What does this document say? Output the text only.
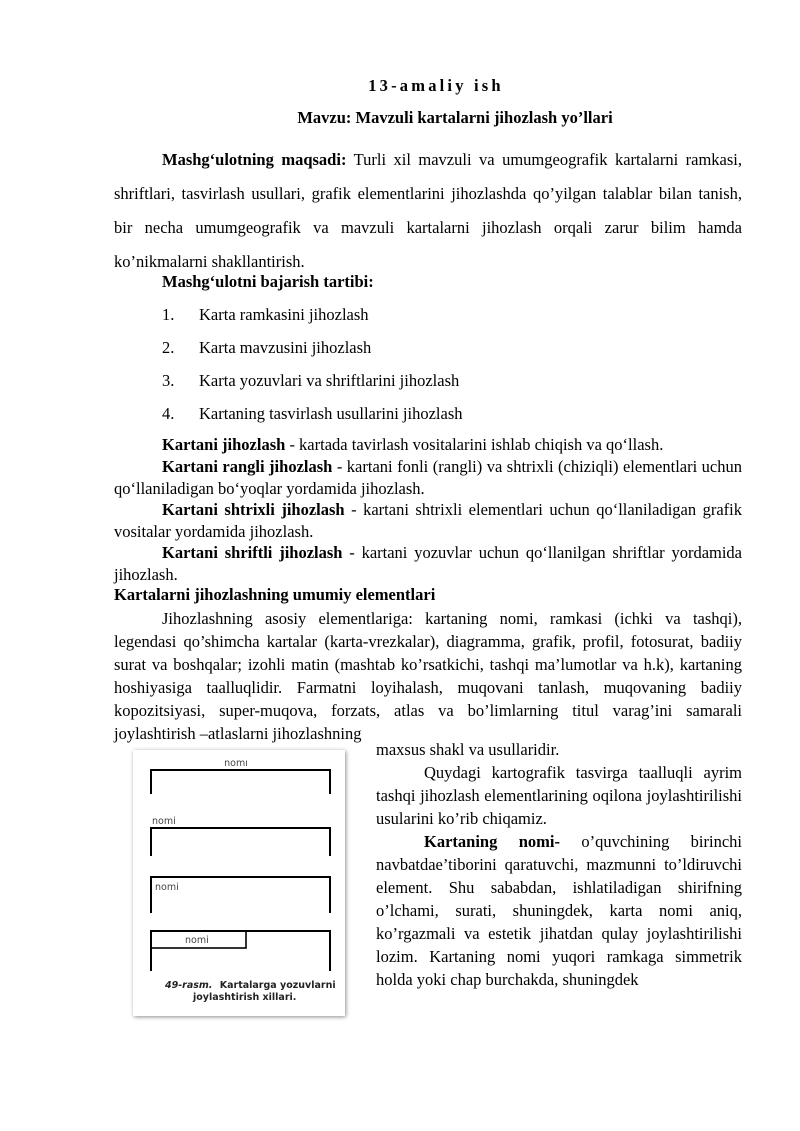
13-amaliy ish
Mavzu: Mavzuli kartalarni jihozlash yo’llari
Mashg‘ulotning maqsadi: Turli xil mavzuli va umumgeografik kartalarni ramkasi, shriftlari, tasvirlash usullari, grafik elementlarini jihozlashda qo’yilgan talablar bilan tanish, bir necha umumgeografik va mavzuli kartalarni jihozlash orqali zarur bilim hamda ko’nikmalarni shakllantirish.
Mashg‘ulotni bajarish tartibi:
1. Karta ramkasini jihozlash
2. Karta mavzusini jihozlash
3. Karta yozuvlari va shriftlarini jihozlash
4. Kartaning tasvirlash usullarini jihozlash
Kartani jihozlash - kartada tavirlash vositalarini ishlab chiqish va qo‘llash.
Kartani rangli jihozlash - kartani fonli (rangli) va shtrixli (chiziqli) elementlari uchun qo‘llaniladigan bo‘yoqlar yordamida jihozlash.
Kartani shtrixli jihozlash - kartani shtrixli elementlari uchun qo‘llaniladigan grafik vositalar yordamida jihozlash.
Kartani shriftli jihozlash - kartani yozuvlar uchun qo‘llanilgan shriftlar yordamida jihozlash.
Kartalarni jihozlashning umumiy elementlari
Jihozlashning asosiy elementlariga: kartaning nomi, ramkasi (ichki va tashqi), legendasi qo’shimcha kartalar (karta-vrezkalar), diagramma, grafik, profil, fotosurat, badiiy surat va boshqalar; izohli matin (mashtab ko’rsatkichi, tashqi ma’lumotlar va h.k), kartaning hoshiyasiga taalluqlidir. Farmatni loyihalash, muqovani tanlash, muqovaning badiiy kopozitsiyasi, super-muqova, forzats, atlas va bo’limlarning titul varag’ini samarali joylashtirish –atlaslarni jihozlashning
maxsus shakl va usullaridir.
Quydagi kartografik tasvirga taalluqli ayrim tashqi jihozlash elementlarining oqilona joylashtirilishi usularini ko’rib chiqamiz.
Kartaning nomi- o’quvchining birinchi navbatdae’tiborini qaratuvchi, mazmunni to’ldiruvchi element. Shu sababdan, ishlatiladigan shirifning o’lchami, surati, shuningdek, karta nomi aniq, ko’rgazmali va estetik jihatdan qulay joylashtirilishi lozim. Kartaning nomi yuqori ramkaga simmetrik holda yoki chap burchakda, shuningdek
nomı
nomi
nomi
nomi
49-rasm. Kartalarga yozuvlarni
joylashtirish xillari.
